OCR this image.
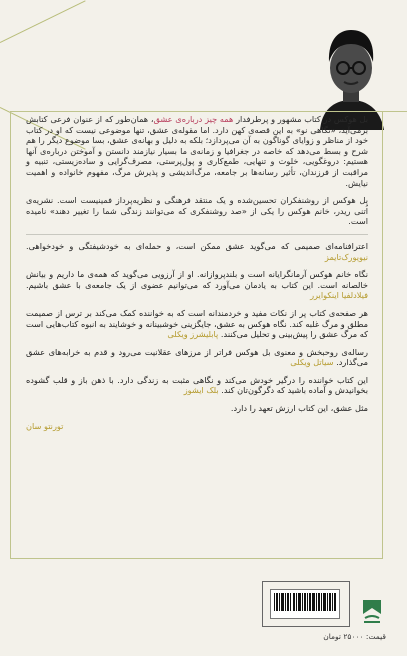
بل هوکس در کتاب مشهور و پرطرفدار همه چیز درباره‌ی عشق، همان‌طور که از عنوان فرعی کتابش برمی‌آید، «نگاهی نو» به این قصه‌ی کهن دارد. اما مقوله‌ی عشق، تنها موضوعی نیست که او در کتاب خود از مناظر و زوایای گوناگون به آن می‌پردازد؛ بلکه به دلیل و بهانه‌ی عشق، بسا موضوع دیگر را هم شرح و بسط می‌دهد که خاصه در جغرافیا و زمانه‌ی ما بسیار نیازمند دانستن و آموختن درباره‌ی آنها هستیم: دروغگویی، خلوت و تنهایی، طمع‌کاری و پول‌پرستی، مصرف‌گرایی و ساده‌زیستی، تنبیه و مراقبت از فرزندان، تأثیر رسانه‌ها بر جامعه، مرگ‌اندیشی و پذیرش مرگ، مفهوم خانواده و اهمیت نیایش.

بل هوکس از روشنفکران تحسین‌شده و یک منتقد فرهنگی و نظریه‌پرداز فمینیست است. نشریه‌ی اُتنی ریدر، خانم هوکس را یکی از «صد روشنفکری که می‌توانند زندگی شما را تغییر دهند» نامیده است.

اعترافنامه‌ای صمیمی که می‌گوید عشق ممکن است، و حمله‌ای به خودشیفتگی و خودخواهی. نیویورک‌تایمز

نگاه خانم هوکس آرمانگرایانه است و بلندپروازانه. او از آرزویی می‌گوید که همه‌ی ما داریم و بیانش خالصانه است. این کتاب به یادمان می‌آورد که می‌توانیم عضوی از یک جامعه‌ی با عشق باشیم. فیلادلفیا اینکوایرر

هر صفحه‌ی کتاب پر از نکات مفید و خردمندانه است که به خواننده کمک می‌کند بر ترس از صمیمت مطلق و مرگ غلبه کند. نگاه هوکس به عشق، جایگزینی خوشبینانه و خوشایند به انبوه کتاب‌هایی است که مرگ عشق را پیش‌بینی و تحلیل می‌کنند. پابلیشرز ویکلی

رساله‌ی روحبخش و معنوی بل هوکس فراتر از مرزهای عقلانیت می‌رود و قدم به خرابه‌های عشق می‌گذارد. سیاتل ویکلی

این کتاب خواننده را درگیر خودش می‌کند و نگاهی مثبت به زندگی دارد. با ذهن باز و قلب گشوده بخوانیدش و آماده باشید که دگرگون‌تان کند. بلک ایشوز

مثل عشق، این کتاب ارزش تعهد را دارد.

تورنتو سان

قیمت: ۲۵۰۰۰ تومان
